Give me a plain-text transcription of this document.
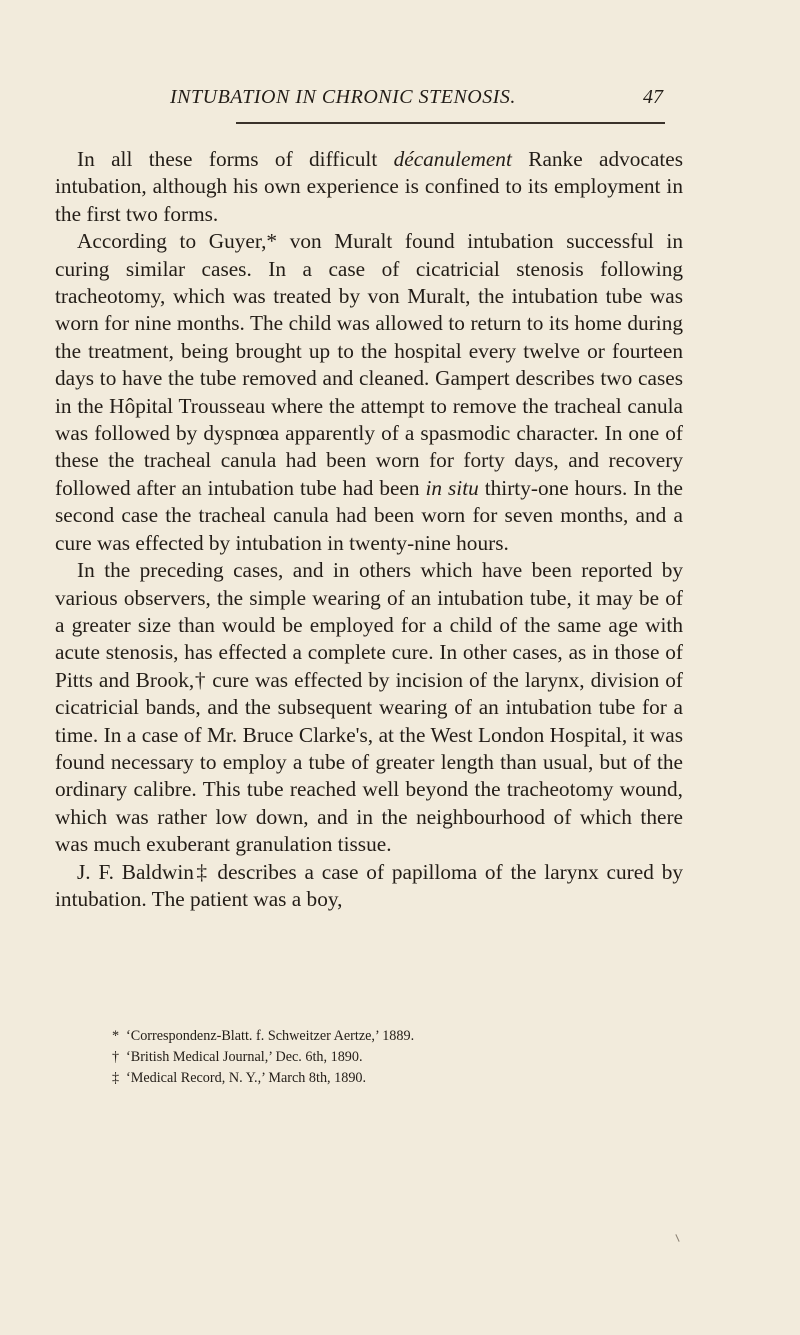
INTUBATION IN CHRONIC STENOSIS.	47

In all these forms of difficult décanulement Ranke advocates intubation, although his own experience is confined to its employment in the first two forms.

According to Guyer,* von Muralt found intubation successful in curing similar cases. In a case of cicatricial stenosis following tracheotomy, which was treated by von Muralt, the intubation tube was worn for nine months. The child was allowed to return to its home during the treatment, being brought up to the hospital every twelve or fourteen days to have the tube removed and cleaned. Gampert describes two cases in the Hôpital Trousseau where the attempt to remove the tracheal canula was followed by dyspnœa apparently of a spasmodic character. In one of these the tracheal canula had been worn for forty days, and recovery followed after an intubation tube had been in situ thirty-one hours. In the second case the tracheal canula had been worn for seven months, and a cure was effected by intubation in twenty-nine hours.

In the preceding cases, and in others which have been reported by various observers, the simple wearing of an intubation tube, it may be of a greater size than would be employed for a child of the same age with acute stenosis, has effected a complete cure. In other cases, as in those of Pitts and Brook,† cure was effected by incision of the larynx, division of cicatricial bands, and the subsequent wearing of an intubation tube for a time. In a case of Mr. Bruce Clarke's, at the West London Hospital, it was found necessary to employ a tube of greater length than usual, but of the ordinary calibre. This tube reached well beyond the tracheotomy wound, which was rather low down, and in the neighbourhood of which there was much exuberant granulation tissue.

J. F. Baldwin‡ describes a case of papilloma of the larynx cured by intubation. The patient was a boy,

* ‘Correspondenz-Blatt. f. Schweitzer Aertze,’ 1889.
† ‘British Medical Journal,’ Dec. 6th, 1890.
‡ ‘Medical Record, N. Y.,’ March 8th, 1890.
